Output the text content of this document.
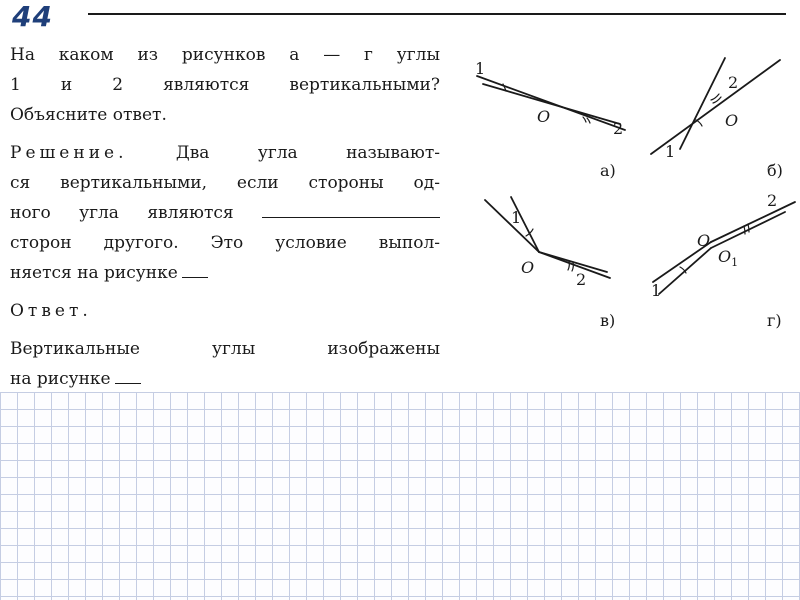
44
На каком из рисунков а — г углы
1 и 2 являются вертикальными?
Объясните ответ.
Решение.	Два угла называют-
ся вертикальными, если стороны од-
ного угла являются
сторон другого. Это условие выпол-
няется на рисунке
Ответ.
Вертикальные углы изображены
на рисунке
1
O
2
а)
2
O
1
б)
1
O
2
в)
O
$O_1$
2
1
г)
